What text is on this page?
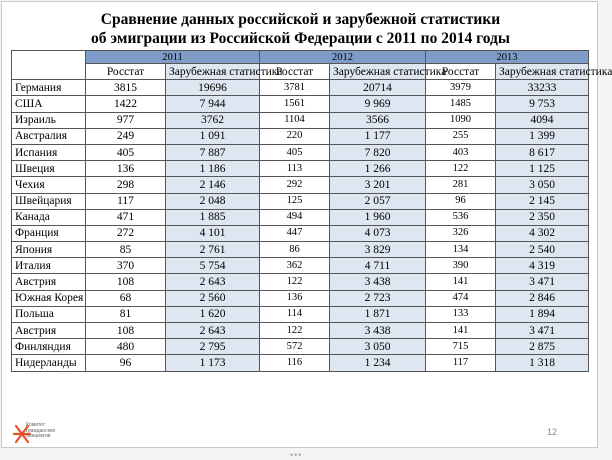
Сравнение данных российской и зарубежной статистики
об эмиграции из Российской Федерации с 2011 по 2014 годы
	2011		2012		2013	
	Росстат	Зарубежная статистика	Росстат	Зарубежная статистика	Росстат	Зарубежная статистика
Германия	3815	19696	3781	20714	3979	33233
США	1422	7 944	1561	9 969	1485	9 753
Израиль	977	3762	1104	3566	1090	4094
Австралия	249	1 091	220	1 177	255	1 399
Испания	405	7 887	405	7 820	403	8 617
Швеция	136	1 186	113	1 266	122	1 125
Чехия	298	2 146	292	3 201	281	3 050
Швейцария	117	2 048	125	2 057	96	2 145
Канада	471	1 885	494	1 960	536	2 350
Франция	272	4 101	447	4 073	326	4 302
Япония	85	2 761	86	3 829	134	2 540
Италия	370	5 754	362	4 711	390	4 319
Австрия	108	2 643	122	3 438	141	3 471
Южная Корея	68	2 560	136	2 723	474	2 846
Польша	81	1 620	114	1 871	133	1 894
Австрия	108	2 643	122	3 438	141	3 471
Финляндия	480	2 795	572	3 050	715	2 875
Нидерланды	96	1 173	116	1 234	117	1 318
Комитет гражданских инициатив	12
•••
